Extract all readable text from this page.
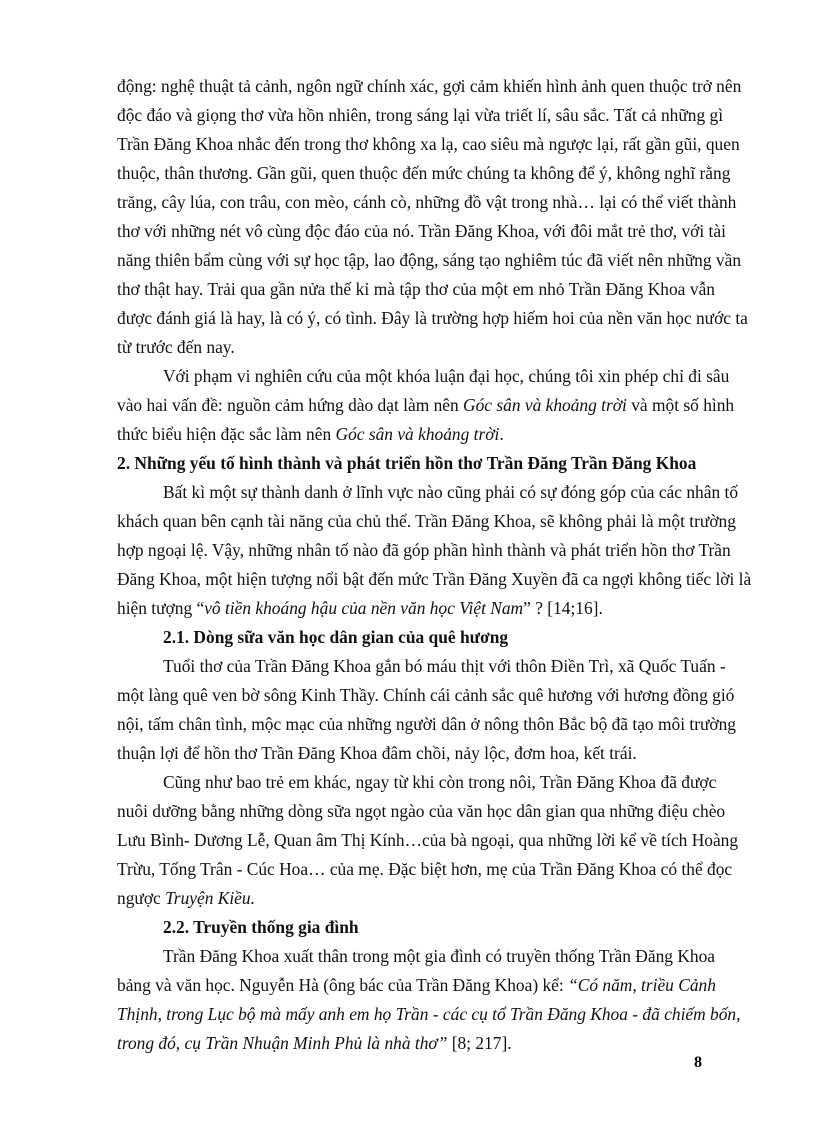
động: nghệ thuật tả cảnh, ngôn ngữ chính xác, gợi cảm khiến hình ảnh quen thuộc trở nên
độc đáo và giọng thơ vừa hồn nhiên, trong sáng lại vừa triết lí, sâu sắc. Tất cả những gì
Trần Đăng Khoa nhắc đến trong thơ không xa lạ, cao siêu mà ngược lại, rất gần gũi, quen
thuộc, thân thương. Gần gũi, quen thuộc đến mức chúng ta không để ý, không nghĩ rằng
trăng, cây lúa, con trâu, con mèo, cánh cò, những đồ vật trong nhà… lại có thể viết thành
thơ với những nét vô cùng độc đáo của nó. Trần Đăng Khoa, với đôi mắt trẻ thơ, với tài
năng thiên bẩm cùng với sự học tập, lao động, sáng tạo nghiêm túc đã viết nên những vần
thơ thật hay. Trải qua gần nửa thế kỉ mà tập thơ của một em nhỏ Trần Đăng Khoa vẫn
được đánh giá là hay, là có ý, có tình. Đây là trường hợp hiếm hoi của nền văn học nước ta
từ trước đến nay.
Với phạm vi nghiên cứu của một khóa luận đại học, chúng tôi xin phép chỉ đi sâu
vào hai vấn đề: nguồn cảm hứng dào dạt làm nên Góc sân và khoảng trời và một số hình
thức biểu hiện đặc sắc làm nên Góc sân và khoảng trời.
2. Những yếu tố hình thành và phát triển hồn thơ Trần Đăng Trần Đăng Khoa
Bất kì một sự thành danh ở lĩnh vực nào cũng phải có sự đóng góp của các nhân tố
khách quan bên cạnh tài năng của chủ thể. Trần Đăng Khoa, sẽ không phải là một trường
hợp ngoại lệ. Vậy, những nhân tố nào đã góp phần hình thành và phát triển hồn thơ Trần
Đăng Khoa, một hiện tượng nổi bật đến mức Trần Đăng Xuyền đã ca ngợi không tiếc lời là
hiện tượng “vô tiền khoáng hậu của nền văn học Việt Nam” ? [14;16].
2.1. Dòng sữa văn học dân gian của quê hương
Tuổi thơ của Trần Đăng Khoa gắn bó máu thịt với thôn Điền Trì, xã Quốc Tuấn -
một làng quê ven bờ sông Kinh Thầy. Chính cái cảnh sắc quê hương với hương đồng gió
nội, tấm chân tình, mộc mạc của những người dân ở nông thôn Bắc bộ đã tạo môi trường
thuận lợi để hồn thơ Trần Đăng Khoa đâm chồi, nảy lộc, đơm hoa, kết trái.
Cũng như bao trẻ em khác, ngay từ khi còn trong nôi, Trần Đăng Khoa đã được
nuôi dưỡng bằng những dòng sữa ngọt ngào của văn học dân gian qua những điệu chèo
Lưu Bình- Dương Lễ, Quan âm Thị Kính…của bà ngoại, qua những lời kể về tích Hoàng
Trừu, Tống Trân - Cúc Hoa… của mẹ. Đặc biệt hơn, mẹ của Trần Đăng Khoa có thể đọc
ngược Truyện Kiều.
2.2. Truyền thống gia đình
Trần Đăng Khoa xuất thân trong một gia đình có truyền thống Trần Đăng Khoa
bảng và văn học. Nguyễn Hà (ông bác của Trần Đăng Khoa) kể: “Có năm, triều Cảnh
Thịnh, trong Lục bộ mà mấy anh em họ Trần - các cụ tổ Trần Đăng Khoa - đã chiếm bốn,
trong đó, cụ Trần Nhuận Minh Phủ là nhà thơ” [8; 217].
8
